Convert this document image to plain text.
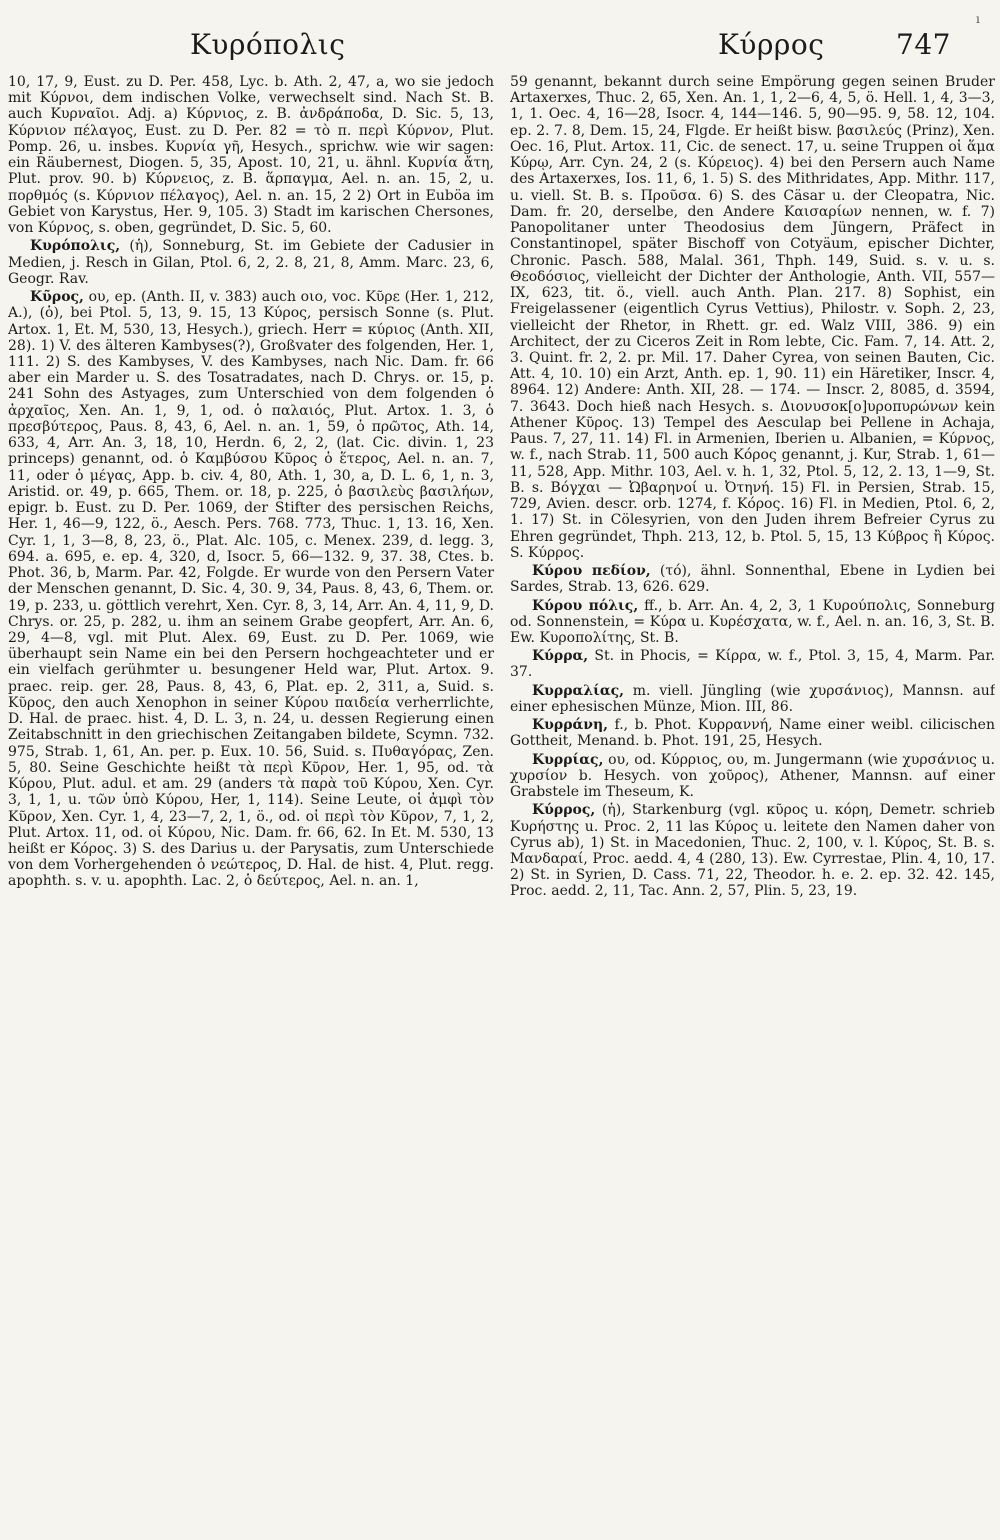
Κυρόπολις	Κύρρος	747
ı

10, 17, 9, Eust. zu D. Per. 458, Lyc. b. Ath. 2, 47, a, wo sie jedoch mit Κύρνοι, dem indischen Volke, verwechselt sind. Nach St. B. auch Κυρναῖοι. Adj. a) Κύρνιος, z. B. ἀνδράποδα, D. Sic. 5, 13, Κύρνιον πέλαγος, Eust. zu D. Per. 82 = τὸ π. περὶ Κύρνον, Plut. Pomp. 26, u. insbes. Κυρνία γῆ, Hesych., sprichw. wie wir sagen: ein Räubernest, Diogen. 5, 35, Apost. 10, 21, u. ähnl. Κυρνία ἄτη, Plut. prov. 90. b) Κύρνειος, z. B. ἅρπαγμα, Ael. n. an. 15, 2, u. πορθμός (s. Κύρνιον πέλαγος), Ael. n. an. 15, 2 2) Ort in Euböa im Gebiet von Karystus, Her. 9, 105. 3) Stadt im karischen Chersones, von Κύρνος, s. oben, gegründet, D. Sic. 5, 60.

Κυρόπολις, (ἡ), Sonneburg, St. im Gebiete der Cadusier in Medien, j. Resch in Gilan, Ptol. 6, 2, 2. 8, 21, 8, Amm. Marc. 23, 6, Geogr. Rav.

Κῦρος, ου, ep. (Anth. II, v. 383) auch οιο, voc. Κῦρε (Her. 1, 212, A.), (ὁ), bei Ptol. 5, 13, 9. 15, 13 Κύρος, persisch Sonne (s. Plut. Artox. 1, Et. M, 530, 13, Hesych.), griech. Herr = κύριος (Anth. XII, 28). 1) V. des älteren Kambyses(?), Großvater des folgenden, Her. 1, 111. 2) S. des Kambyses, V. des Kambyses, nach Nic. Dam. fr. 66 aber ein Marder u. S. des Tosatradates, nach D. Chrys. or. 15, p. 241 Sohn des Astyages, zum Unterschied von dem folgenden ὁ ἀρχαῖος, Xen. An. 1, 9, 1, od. ὁ παλαιός, Plut. Artox. 1. 3, ὁ πρεσβύτερος, Paus. 8, 43, 6, Ael. n. an. 1, 59, ὁ πρῶτος, Ath. 14, 633, 4, Arr. An. 3, 18, 10, Herdn. 6, 2, 2, (lat. Cic. divin. 1, 23 princeps) genannt, od. ὁ Καμβύσου Κῦρος ὁ ἕτερος, Ael. n. an. 7, 11, oder ὁ μέγας, App. b. civ. 4, 80, Ath. 1, 30, a, D. L. 6, 1, n. 3, Aristid. or. 49, p. 665, Them. or. 18, p. 225, ὁ βασιλεὺς βασιλήων, epigr. b. Eust. zu D. Per. 1069, der Stifter des persischen Reichs, Her. 1, 46—9, 122, ö., Aesch. Pers. 768. 773, Thuc. 1, 13. 16, Xen. Cyr. 1, 1, 3—8, 8, 23, ö., Plat. Alc. 105, c. Menex. 239, d. legg. 3, 694. a. 695, e. ep. 4, 320, d, Isocr. 5, 66—132. 9, 37. 38, Ctes. b. Phot. 36, b, Marm. Par. 42, Folgde. Er wurde von den Persern Vater der Menschen genannt, D. Sic. 4, 30. 9, 34, Paus. 8, 43, 6, Them. or. 19, p. 233, u. göttlich verehrt, Xen. Cyr. 8, 3, 14, Arr. An. 4, 11, 9, D. Chrys. or. 25, p. 282, u. ihm an seinem Grabe geopfert, Arr. An. 6, 29, 4—8, vgl. mit Plut. Alex. 69, Eust. zu D. Per. 1069, wie überhaupt sein Name ein bei den Persern hochgeachteter und er ein vielfach gerühmter u. besungener Held war, Plut. Artox. 9. praec. reip. ger. 28, Paus. 8, 43, 6, Plat. ep. 2, 311, a, Suid. s. Κῦρος, den auch Xenophon in seiner Κύρου παιδεία verherrlichte, D. Hal. de praec. hist. 4, D. L. 3, n. 24, u. dessen Regierung einen Zeitabschnitt in den griechischen Zeitangaben bildete, Scymn. 732. 975, Strab. 1, 61, An. per. p. Eux. 10. 56, Suid. s. Πυθαγόρας, Zen. 5, 80. Seine Geschichte heißt τὰ περὶ Κῦρον, Her. 1, 95, od. τὰ Κύρου, Plut. adul. et am. 29 (anders τὰ παρὰ τοῦ Κύρου, Xen. Cyr. 3, 1, 1, u. τῶν ὑπὸ Κύρου, Her, 1, 114). Seine Leute, οἱ ἀμφὶ τὸν Κῦρον, Xen. Cyr. 1, 4, 23—7, 2, 1, ö., od. οἱ περὶ τὸν Κῦρον, 7, 1, 2, Plut. Artox. 11, od. οἱ Κύρου, Nic. Dam. fr. 66, 62. In Et. M. 530, 13 heißt er Κόρος. 3) S. des Darius u. der Parysatis, zum Unterschiede von dem Vorhergehenden ὁ νεώτερος, D. Hal. de hist. 4, Plut. regg. apophth. s. v. u. apophth. Lac. 2, ὁ δεύτερος, Ael. n. an. 1,

59 genannt, bekannt durch seine Empörung gegen seinen Bruder Artaxerxes, Thuc. 2, 65, Xen. An. 1, 1, 2—6, 4, 5, ö. Hell. 1, 4, 3—3, 1, 1. Oec. 4, 16—28, Isocr. 4, 144—146. 5, 90—95. 9, 58. 12, 104. ep. 2. 7. 8, Dem. 15, 24, Flgde. Er heißt bisw. βασιλεύς (Prinz), Xen. Oec. 16, Plut. Artox. 11, Cic. de senect. 17, u. seine Truppen οἱ ἅμα Κύρῳ, Arr. Cyn. 24, 2 (s. Κύρειος). 4) bei den Persern auch Name des Artaxerxes, Ios. 11, 6, 1. 5) S. des Mithridates, App. Mithr. 117, u. viell. St. B. s. Προῦσα. 6) S. des Cäsar u. der Cleopatra, Nic. Dam. fr. 20, derselbe, den Andere Καισαρίων nennen, w. f. 7) Panopolitaner unter Theodosius dem Jüngern, Präfect in Constantinopel, später Bischoff von Cotyäum, epischer Dichter, Chronic. Pasch. 588, Malal. 361, Thph. 149, Suid. s. v. u. s. Θεοδόσιος, vielleicht der Dichter der Anthologie, Anth. VII, 557—IX, 623, tit. ö., viell. auch Anth. Plan. 217. 8) Sophist, ein Freigelassener (eigentlich Cyrus Vettius), Philostr. v. Soph. 2, 23, vielleicht der Rhetor, in Rhett. gr. ed. Walz VIII, 386. 9) ein Architect, der zu Ciceros Zeit in Rom lebte, Cic. Fam. 7, 14. Att. 2, 3. Quint. fr. 2, 2. pr. Mil. 17. Daher Cyrea, von seinen Bauten, Cic. Att. 4, 10. 10) ein Arzt, Anth. ep. 1, 90. 11) ein Häretiker, Inscr. 4, 8964. 12) Andere: Anth. XII, 28. — 174. — Inscr. 2, 8085, d. 3594, 7. 3643. Doch hieß nach Hesych. s. Διονυσοκ[ο]υροπυρώνων kein Athener Κῦρος. 13) Tempel des Aesculap bei Pellene in Achaja, Paus. 7, 27, 11. 14) Fl. in Armenien, Iberien u. Albanien, = Κύρνος, w. f., nach Strab. 11, 500 auch Κόρος genannt, j. Kur, Strab. 1, 61—11, 528, App. Mithr. 103, Ael. v. h. 1, 32, Ptol. 5, 12, 2. 13, 1—9, St. B. s. Βόγχαι — Ὠβαρηνοί u. Ὀτηνή. 15) Fl. in Persien, Strab. 15, 729, Avien. descr. orb. 1274, f. Κόρος. 16) Fl. in Medien, Ptol. 6, 2, 1. 17) St. in Cölesyrien, von den Juden ihrem Befreier Cyrus zu Ehren gegründet, Thph. 213, 12, b. Ptol. 5, 15, 13 Κύβρος ἢ Κύρος. S. Κύρρος.

Κύρου πεδίον, (τό), ähnl. Sonnenthal, Ebene in Lydien bei Sardes, Strab. 13, 626. 629.

Κύρου πόλις, ff., b. Arr. An. 4, 2, 3, 1 Κυρούπολις, Sonneburg od. Sonnenstein, = Κύρα u. Κυρέσχατα, w. f., Ael. n. an. 16, 3, St. B. Ew. Κυροπολίτης, St. B.

Κύρρα, St. in Phocis, = Κίρρα, w. f., Ptol. 3, 15, 4, Marm. Par. 37.

Κυρραλίας, m. viell. Jüngling (wie χυρσάνιος), Mannsn. auf einer ephesischen Münze, Mion. III, 86.

Κυρράνη, f., b. Phot. Κυρραννή, Name einer weibl. cilicischen Gottheit, Menand. b. Phot. 191, 25, Hesych.

Κυρρίας, ου, od. Κύρριος, ου, m. Jungermann (wie χυρσάνιος u. χυρσίον b. Hesych. von χοῦρος), Athener, Mannsn. auf einer Grabstele im Theseum, K.

Κύρρος, (ἡ), Starkenburg (vgl. κῦρος u. κόρη, Demetr. schrieb Κυρήστης u. Proc. 2, 11 las Κύρος u. leitete den Namen daher von Cyrus ab), 1) St. in Macedonien, Thuc. 2, 100, v. l. Κύρος, St. B. s. Μανδαραί, Proc. aedd. 4, 4 (280, 13). Ew. Cyrrestae, Plin. 4, 10, 17. 2) St. in Syrien, D. Cass. 71, 22, Theodor. h. e. 2. ep. 32. 42. 145, Proc. aedd. 2, 11, Tac. Ann. 2, 57, Plin. 5, 23, 19.
